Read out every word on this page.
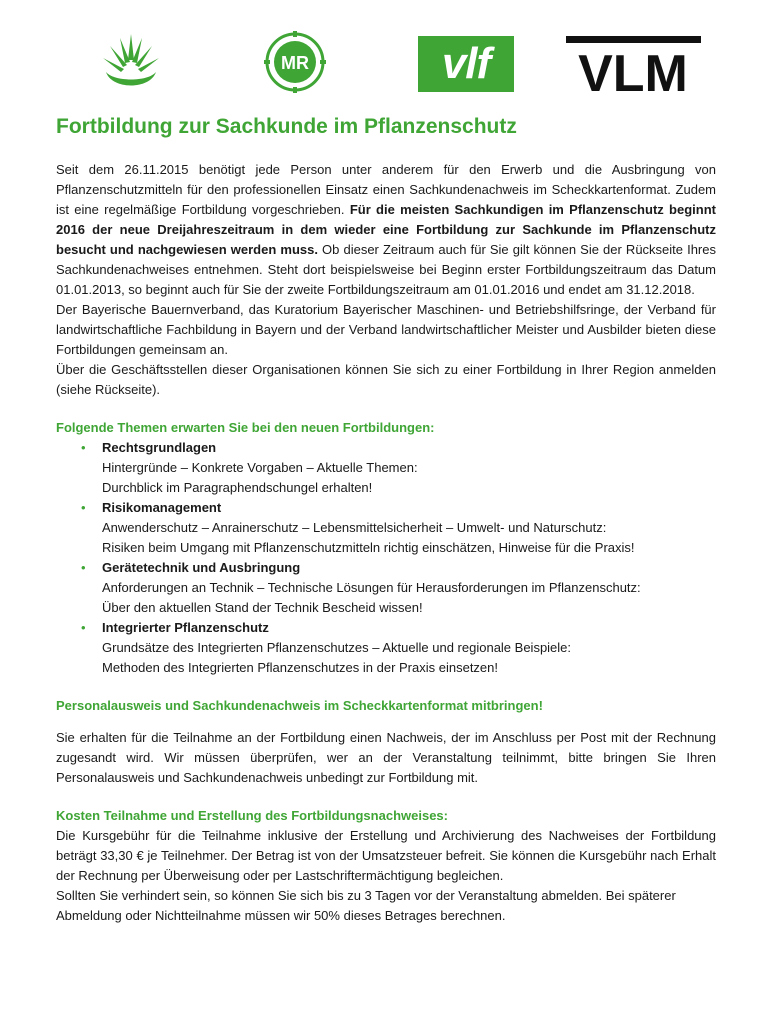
MR	vlf	VLM
Fortbildung zur Sachkunde im Pflanzenschutz

Seit dem 26.11.2015 benötigt jede Person unter anderem für den Erwerb und die Ausbringung von Pflanzenschutzmitteln für den professionellen Einsatz einen Sachkundenachweis im Scheckkartenformat. Zudem ist eine regelmäßige Fortbildung vorgeschrieben. Für die meisten Sachkundigen im Pflanzenschutz beginnt 2016 der neue Dreijahreszeitraum in dem wieder eine Fortbildung zur Sachkunde im Pflanzenschutz besucht und nachgewiesen werden muss. Ob dieser Zeitraum auch für Sie gilt können Sie der Rückseite Ihres Sachkundenachweises entnehmen. Steht dort beispielsweise bei Beginn erster Fortbildungszeitraum das Datum 01.01.2013, so beginnt auch für Sie der zweite Fortbildungszeitraum am 01.01.2016 und endet am 31.12.2018.

Der Bayerische Bauernverband, das Kuratorium Bayerischer Maschinen- und Betriebshilfsringe, der Verband für landwirtschaftliche Fachbildung in Bayern und der Verband landwirtschaftlicher Meister und Ausbilder bieten diese Fortbildungen gemeinsam an.

Über die Geschäftsstellen dieser Organisationen können Sie sich zu einer Fortbildung in Ihrer Region anmelden (siehe Rückseite).

Folgende Themen erwarten Sie bei den neuen Fortbildungen:
• Rechtsgrundlagen
Hintergründe – Konkrete Vorgaben – Aktuelle Themen:
Durchblick im Paragraphendschungel erhalten!
• Risikomanagement
Anwenderschutz – Anrainerschutz – Lebensmittelsicherheit – Umwelt- und Naturschutz:
Risiken beim Umgang mit Pflanzenschutzmitteln richtig einschätzen, Hinweise für die Praxis!
• Gerätetechnik und Ausbringung
Anforderungen an Technik – Technische Lösungen für Herausforderungen im Pflanzenschutz:
Über den aktuellen Stand der Technik Bescheid wissen!
• Integrierter Pflanzenschutz
Grundsätze des Integrierten Pflanzenschutzes – Aktuelle und regionale Beispiele:
Methoden des Integrierten Pflanzenschutzes in der Praxis einsetzen!
Personalausweis und Sachkundenachweis im Scheckkartenformat mitbringen!

Sie erhalten für die Teilnahme an der Fortbildung einen Nachweis, der im Anschluss per Post mit der Rechnung zugesandt wird. Wir müssen überprüfen, wer an der Veranstaltung teilnimmt, bitte bringen Sie Ihren Personalausweis und Sachkundenachweis unbedingt zur Fortbildung mit.

Kosten Teilnahme und Erstellung des Fortbildungsnachweises:

Die Kursgebühr für die Teilnahme inklusive der Erstellung und Archivierung des Nachweises der Fortbildung beträgt 33,30 € je Teilnehmer. Der Betrag ist von der Umsatzsteuer befreit. Sie können die Kursgebühr nach Erhalt der Rechnung per Überweisung oder per Lastschriftermächtigung begleichen.

Sollten Sie verhindert sein, so können Sie sich bis zu 3 Tagen vor der Veranstaltung abmelden. Bei späterer Abmeldung oder Nichtteilnahme müssen wir 50% dieses Betrages berechnen.
